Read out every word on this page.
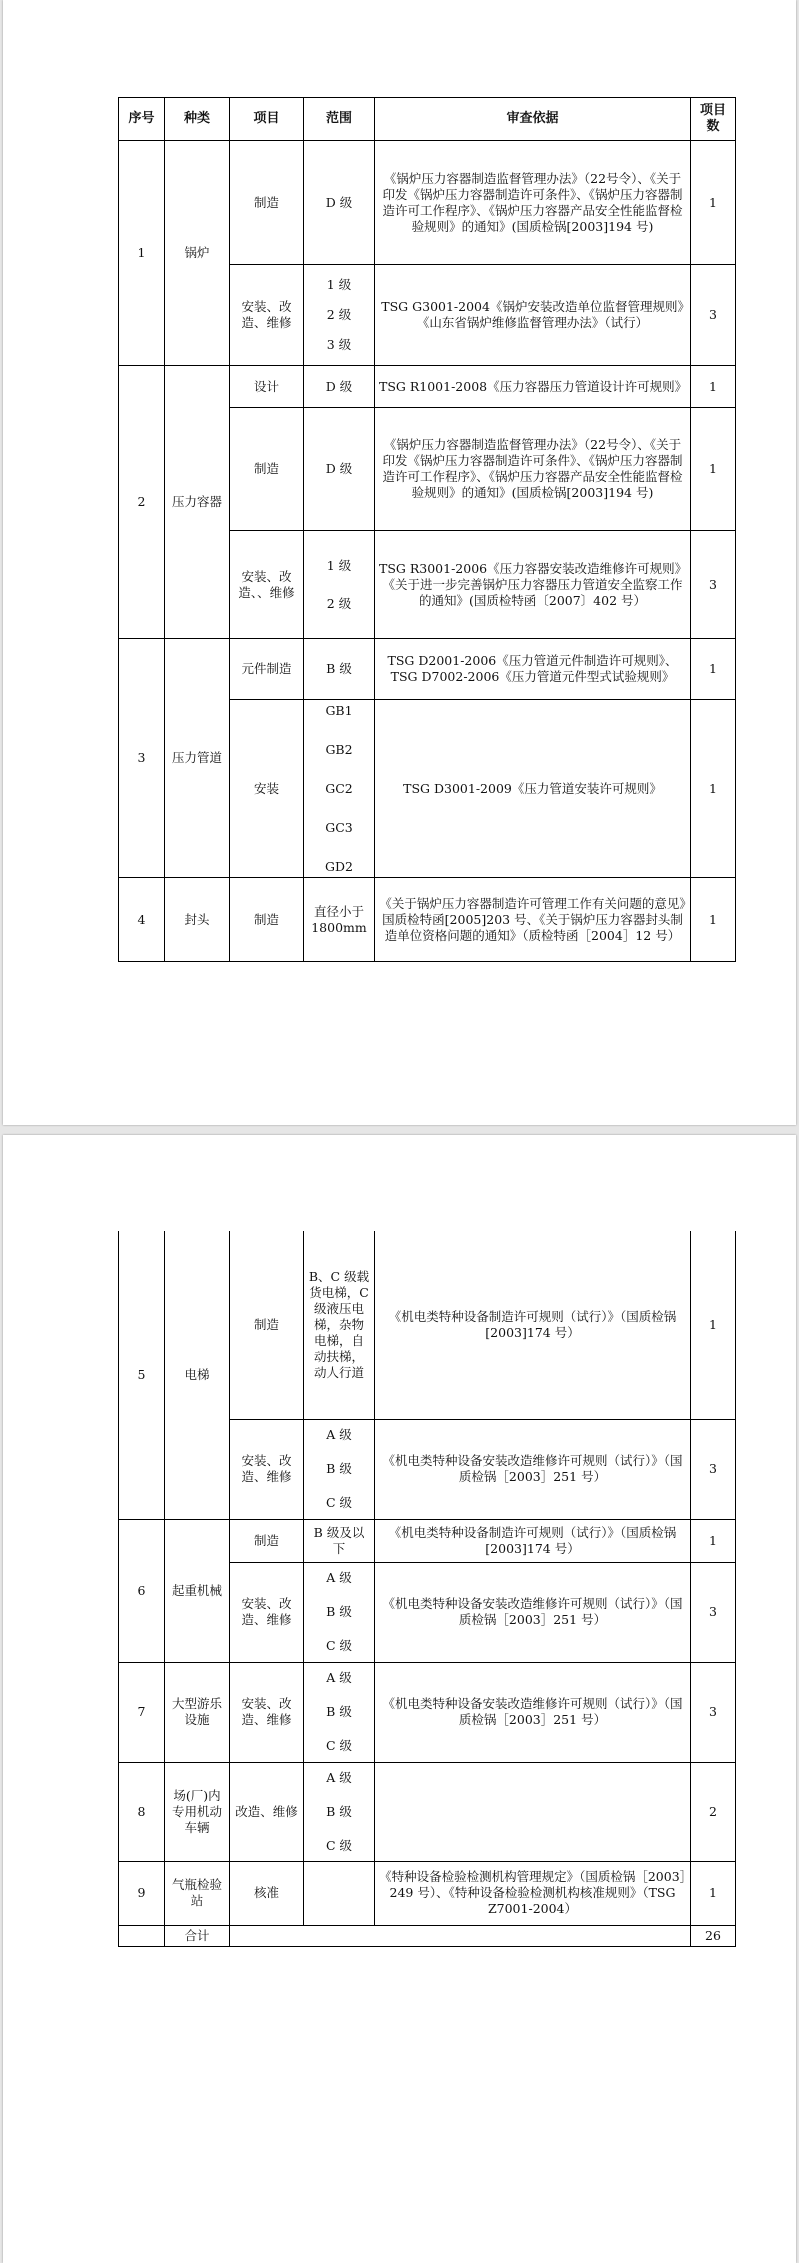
序号	种类	项目	范围	审查依据	项目数
1	锅炉	制造	D 级	《锅炉压力容器制造监督管理办法》（22号令）、《关于印发《锅炉压力容器制造许可条件》、《锅炉压力容器制造许可工作程序》、《锅炉压力容器产品安全性能监督检验规则》的通知》(国质检锅[2003]194 号)	1
		安装、改造、维修	1 级
2 级
3 级	TSG G3001-2004《锅炉安装改造单位监督管理规则》《山东省锅炉维修监督管理办法》（试行）	3
2	压力容器	设计	D 级	TSG R1001-2008《压力容器压力管道设计许可规则》	1
		制造	D 级	《锅炉压力容器制造监督管理办法》（22号令）、《关于印发《锅炉压力容器制造许可条件》、《锅炉压力容器制造许可工作程序》、《锅炉压力容器产品安全性能监督检验规则》的通知》(国质检锅[2003]194 号)	1
		安装、改造、、维修	1 级
2 级	TSG R3001-2006《压力容器安装改造维修许可规则》
《关于进一步完善锅炉压力容器压力管道安全监察工作的通知》(国质检特函〔2007〕402 号）	3
3	压力管道	元件制造	B 级	TSG D2001-2006《压力管道元件制造许可规则》、TSG D7002-2006《压力管道元件型式试验规则》	1
		安装	GB1
GB2
GC2
GC3
GD2	TSG D3001-2009《压力管道安装许可规则》	1
4	封头	制造	直径小于 1800mm	《关于锅炉压力容器制造许可管理工作有关问题的意见》国质检特函[2005]203 号、《关于锅炉压力容器封头制造单位资格问题的通知》（质检特函［2004］12 号）	1
5	电梯	制造	B、C 级载货电梯，C 级液压电梯，杂物电梯，自动扶梯，动人行道	《机电类特种设备制造许可规则（试行）》（国质检锅[2003]174 号）	1
		安装、改造、维修	A 级
B 级
C 级	《机电类特种设备安装改造维修许可规则（试行）》（国质检锅［2003］251 号）	3
6	起重机械	制造	B 级及以下	《机电类特种设备制造许可规则（试行）》（国质检锅[2003]174 号）	1
		安装、改造、维修	A 级
B 级
C 级	《机电类特种设备安装改造维修许可规则（试行）》（国质检锅［2003］251 号）	3
7	大型游乐设施	安装、改造、维修	A 级
B 级
C 级	《机电类特种设备安装改造维修许可规则（试行）》（国质检锅［2003］251 号）	3
8	场(厂)内专用机动车辆	改造、维修	A 级
B 级
C 级		2
9	气瓶检验站	核准		《特种设备检验检测机构管理规定》（国质检锅［2003］249 号）、《特种设备检验检测机构核准规则》（TSG Z7001-2004）	1
	合计				26
